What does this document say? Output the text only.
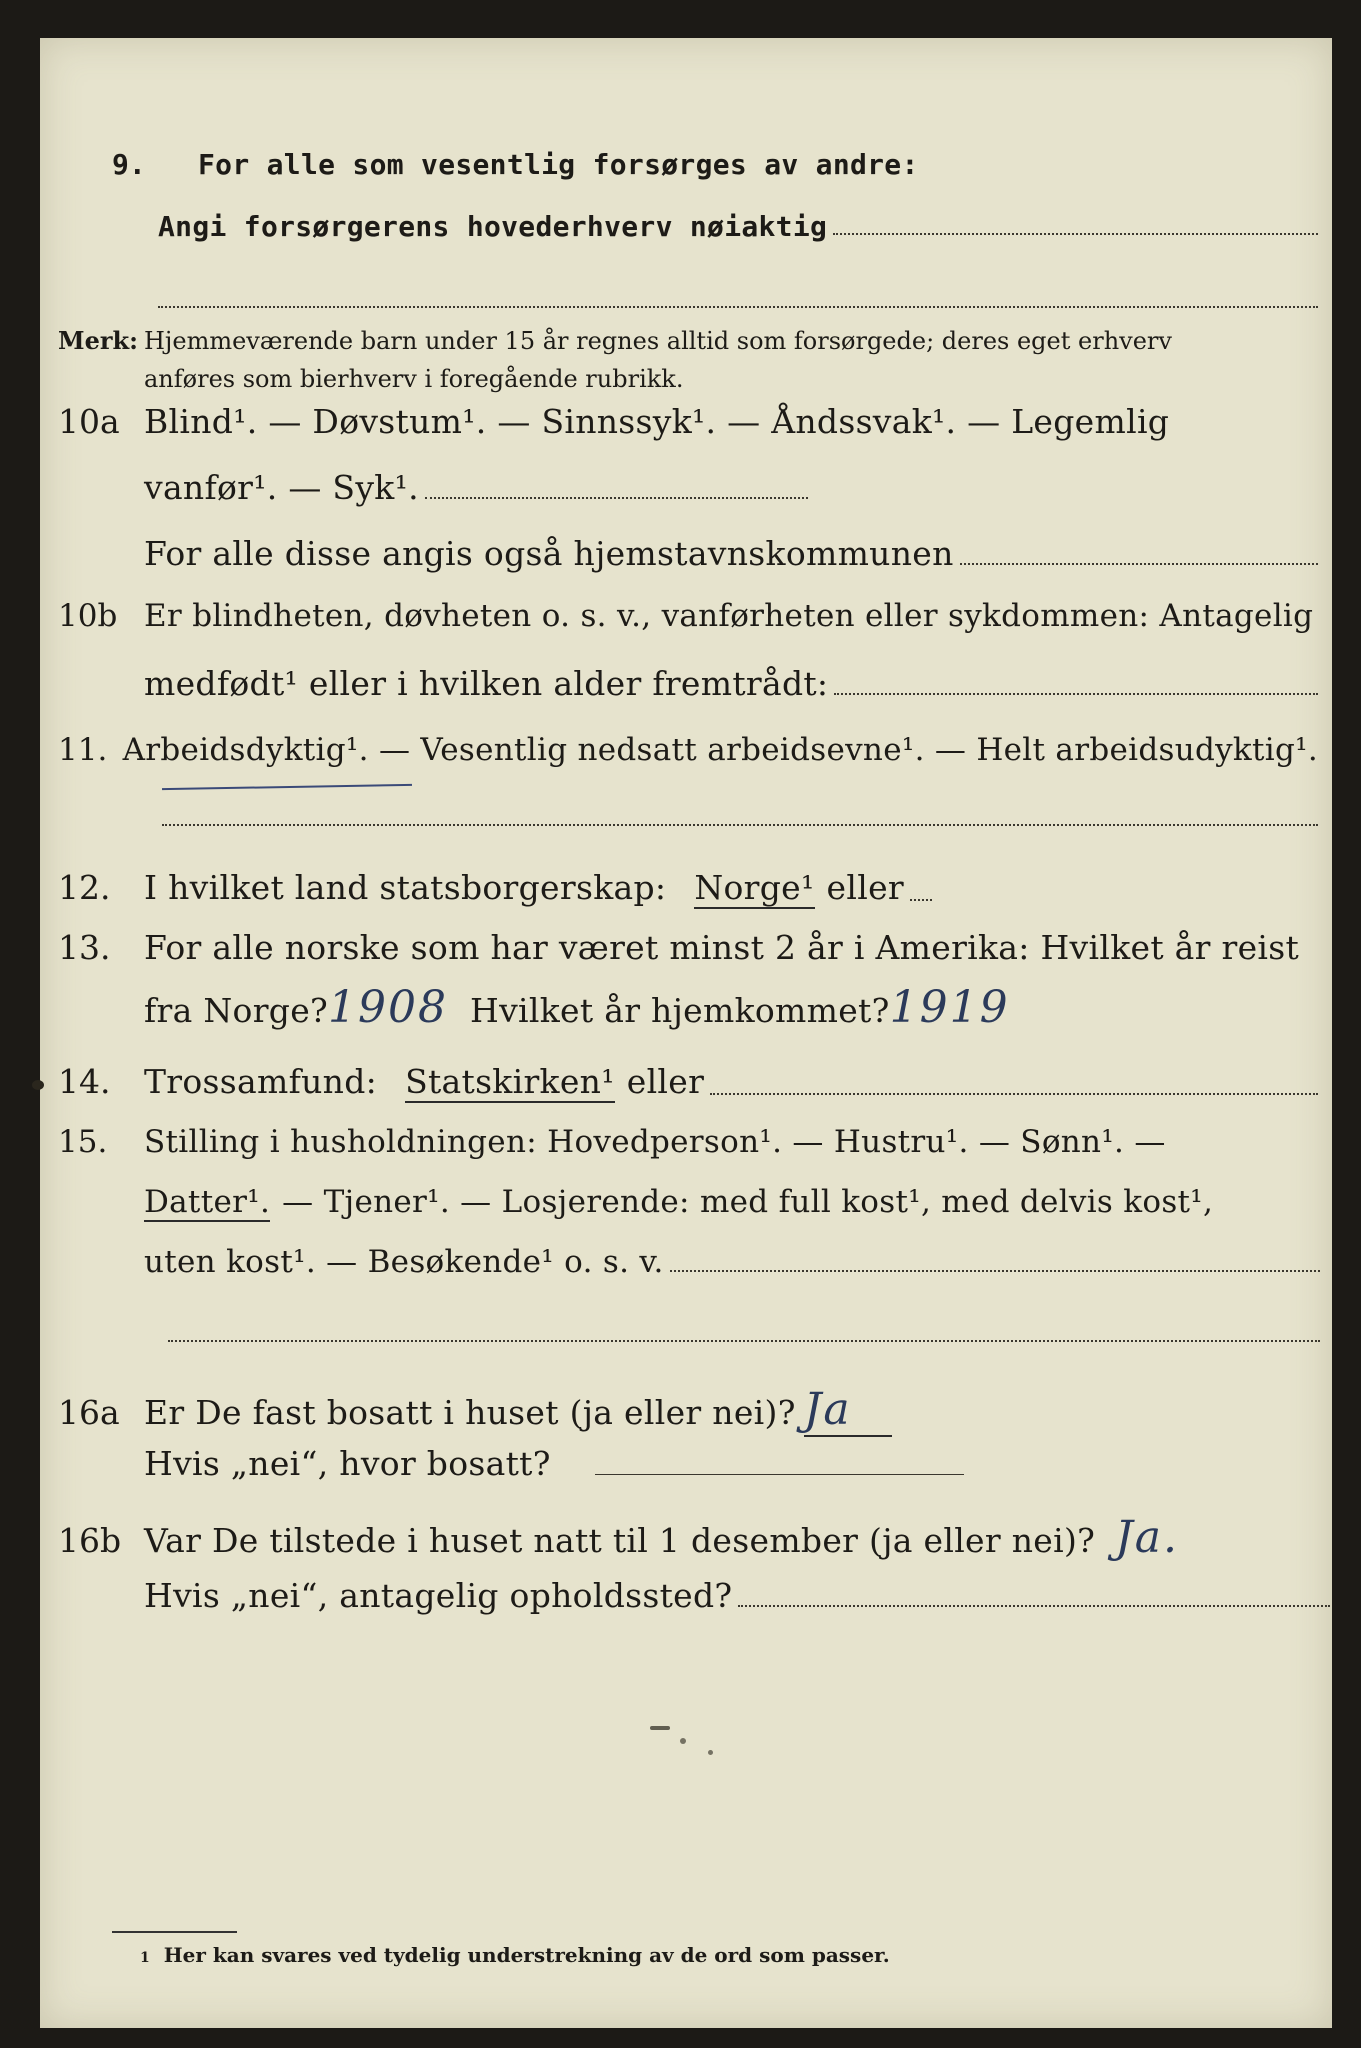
9.	For alle som vesentlig forsørges av andre:
Angi forsørgerens hovederhverv nøiaktig
Merk: Hjemmeværende barn under 15 år regnes alltid som forsørgede; deres eget erhverv
anføres som bierhverv i foregående rubrikk.
10a Blind¹. — Døvstum¹. — Sinnssyk¹. — Åndssvak¹. — Legemlig
vanfør¹. — Syk¹.
For alle disse angis også hjemstavnskommunen
10b Er blindheten, døvheten o. s. v., vanførheten eller sykdommen: Antagelig
medfødt¹ eller i hvilken alder fremtrådt:
11. Arbeidsdyktig¹. — Vesentlig nedsatt arbeidsevne¹. — Helt arbeidsudyktig¹.
12.	I hvilket land statsborgerskap: Norge¹ eller
13.	For alle norske som har været minst 2 år i Amerika: Hvilket år reist
fra Norge? 1908 Hvilket år hjemkommet? 1919
14.	Trossamfund: Statskirken¹ eller
15.	Stilling i husholdningen: Hovedperson¹. — Hustru¹. — Sønn¹. —
Datter¹. — Tjener¹. — Losjerende: med full kost¹, med delvis kost¹,
uten kost¹. — Besøkende¹ o. s. v.
16a Er De fast bosatt i huset (ja eller nei)? Ja
Hvis „nei“, hvor bosatt?
16b Var De tilstede i huset natt til 1 desember (ja eller nei)? Ja.
Hvis „nei“, antagelig opholdssted?
1 Her kan svares ved tydelig understrekning av de ord som passer.
